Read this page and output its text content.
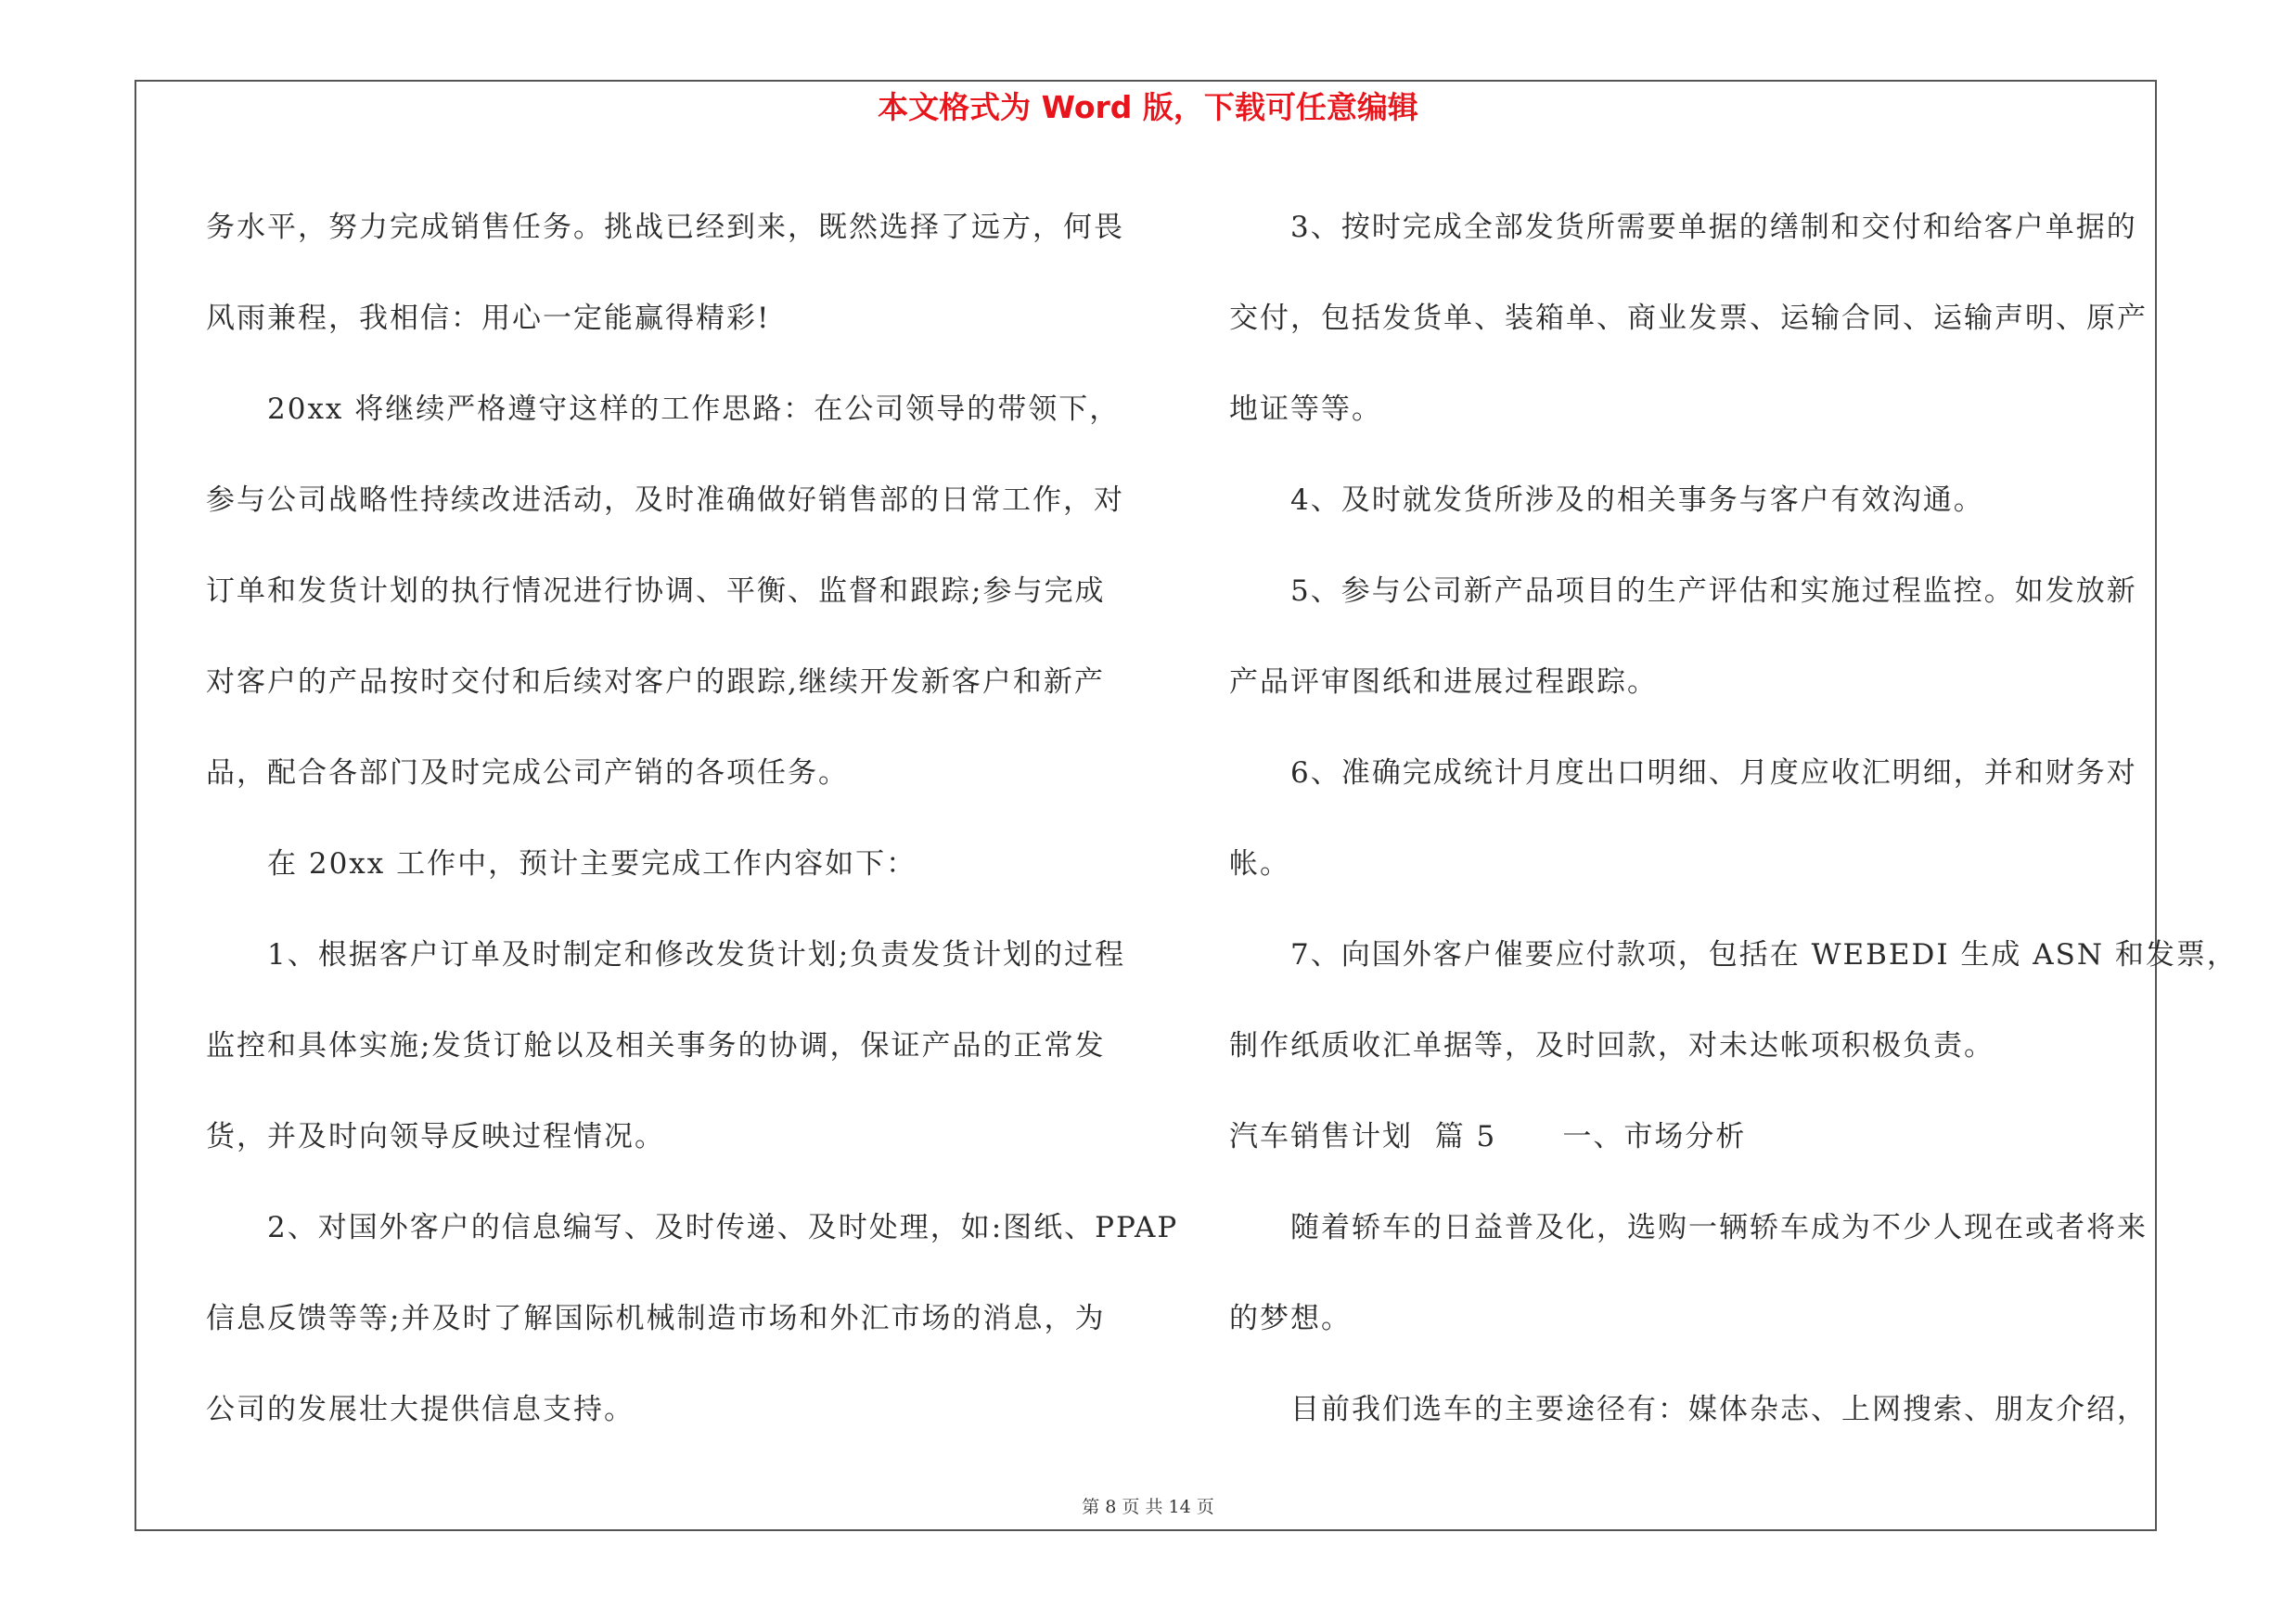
本文格式为 Word 版，下载可任意编辑
务水平，努力完成销售任务。挑战已经到来，既然选择了远方，何畏
风雨兼程，我相信：用心一定能赢得精彩!
20xx 将继续严格遵守这样的工作思路：在公司领导的带领下，
参与公司战略性持续改进活动，及时准确做好销售部的日常工作，对
订单和发货计划的执行情况进行协调、平衡、监督和跟踪;参与完成
对客户的产品按时交付和后续对客户的跟踪,继续开发新客户和新产
品，配合各部门及时完成公司产销的各项任务。
在 20xx 工作中，预计主要完成工作内容如下：
1、根据客户订单及时制定和修改发货计划;负责发货计划的过程
监控和具体实施;发货订舱以及相关事务的协调，保证产品的正常发
货，并及时向领导反映过程情况。
2、对国外客户的信息编写、及时传递、及时处理，如:图纸、PPAP
信息反馈等等;并及时了解国际机械制造市场和外汇市场的消息，为
公司的发展壮大提供信息支持。
3、按时完成全部发货所需要单据的缮制和交付和给客户单据的
交付，包括发货单、装箱单、商业发票、运输合同、运输声明、原产
地证等等。
4、及时就发货所涉及的相关事务与客户有效沟通。
5、参与公司新产品项目的生产评估和实施过程监控。如发放新
产品评审图纸和进展过程跟踪。
6、准确完成统计月度出口明细、月度应收汇明细，并和财务对
帐。
7、向国外客户催要应付款项，包括在 WEBEDI 生成 ASN 和发票，
制作纸质收汇单据等，及时回款，对未达帐项积极负责。
汽车销售计划  篇 5      一、市场分析
随着轿车的日益普及化，选购一辆轿车成为不少人现在或者将来
的梦想。
目前我们选车的主要途径有：媒体杂志、上网搜索、朋友介绍，
第 8 页 共 14 页
